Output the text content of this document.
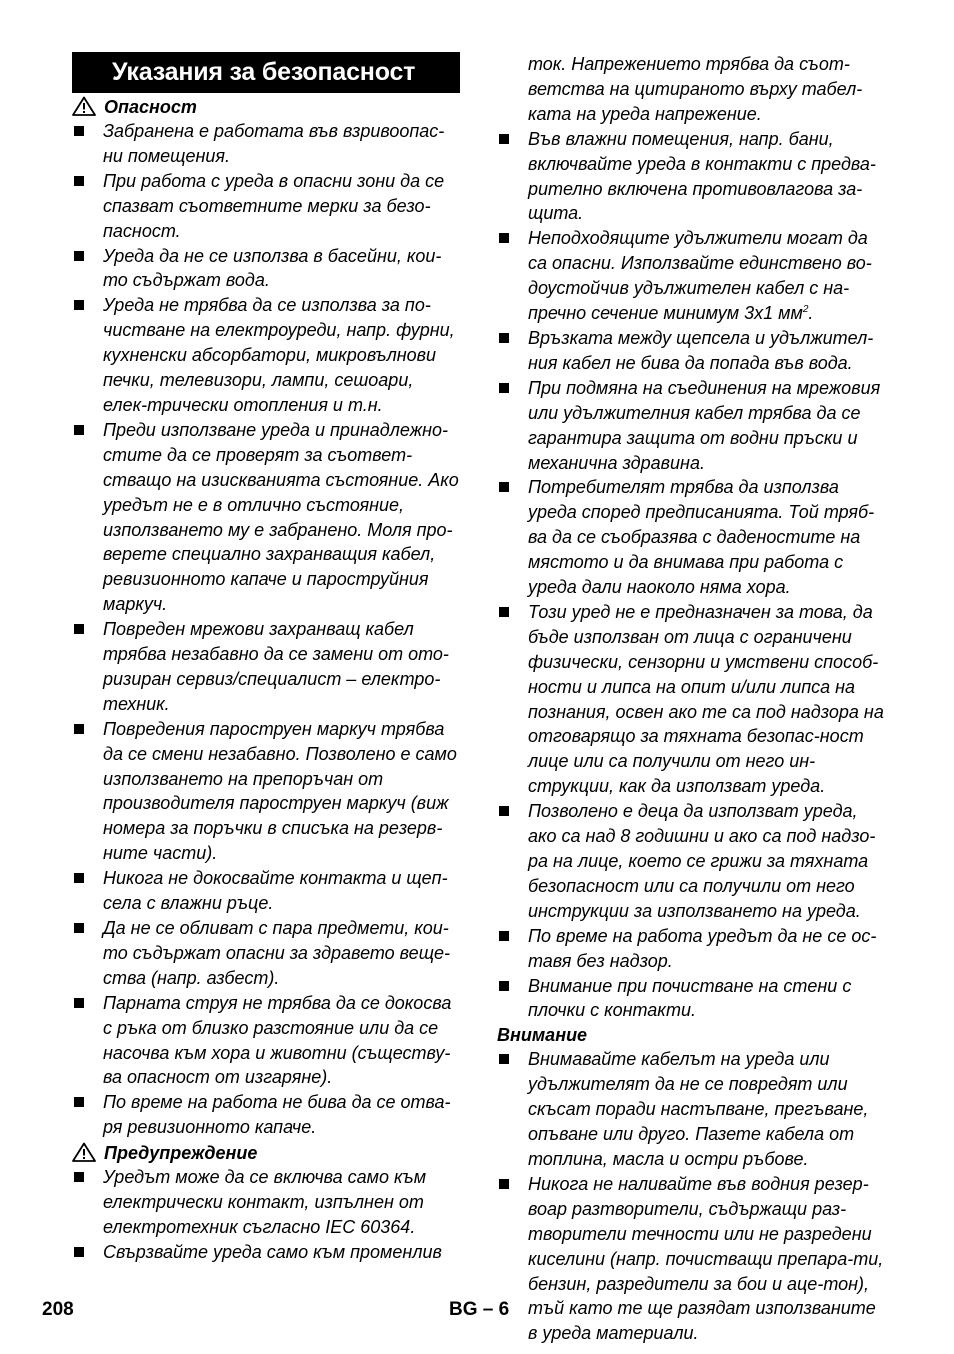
Указания за безопасност
Опасност
Забранена е работата във взривоопас-ни помещения.
При работа с уреда в опасни зони да се спазват съответните мерки за безо-пасност.
Уреда да не се използва в басейни, кои-то съдържат вода.
Уреда не трябва да се използва за по-чистване на електроуреди, напр. фурни, кухненски абсорбатори, микровълнови печки, телевизори, лампи, сешоари, елек-трически отопления и т.н.
Преди използване уреда и принадлежно-стите да се проверят за съответ-стващо на изискванията състояние. Ако уредът не е в отлично състояние, използването му е забранено. Моля про-верете специално захранващия кабел, ревизионното капаче и пароструйния маркуч.
Повреден мрежови захранващ кабел трябва незабавно да се замени от ото-ризиран сервиз/специалист – електро-техник.
Повредения пароструен маркуч трябва да се смени незабавно. Позволено е само използването на препоръчан от производителя пароструен маркуч (виж номера за поръчки в списъка на резерв-ните части).
Никога не докосвайте контакта и щеп-села с влажни ръце.
Да не се обливат с пара предмети, кои-то съдържат опасни за здравето веще-ства (напр. азбест).
Парната струя не трябва да се докосва с ръка от близко разстояние или да се насочва към хора и животни (съществу-ва опасност от изгаряне).
По време на работа не бива да се отва-ря ревизионното капаче.
Предупреждение
Уредът може да се включва само към електрически контакт, изпълнен от електротехник съгласно IEC 60364.
Свързвайте уреда само към променлив
ток. Напрежението трябва да съот-ветства на цитираното върху табел-ката на уреда напрежение.
Във влажни помещения, напр. бани, включвайте уреда в контакти с предва-рително включена противовлагова за-щита.
Неподходящите удължители могат да са опасни. Използвайте единствено во-доустойчив удължителен кабел с на-пречно сечение минимум 3х1 $мм^2$.
Връзката между щепсела и удължител-ния кабел не бива да попада във вода.
При подмяна на съединения на мрежовия или удължителния кабел трябва да се гарантира защита от водни пръски и механична здравина.
Потребителят трябва да използва уреда според предписанията. Той тряб-ва да се съобразява с даденостите на мястото и да внимава при работа с уреда дали наоколо няма хора.
Този уред не е предназначен за това, да бъде използван от лица с ограничени физически, сензорни и умствени способ-ности и липса на опит и/или липса на познания, освен ако те са под надзора на отговарящо за тяхната безопас-ност лице или са получили от него ин-струкции, как да използват уреда.
Позволено е деца да използват уреда, ако са над 8 годишни и ако са под надзо-ра на лице, което се грижи за тяхната безопасност или са получили от него инструкции за използването на уреда.
По време на работа уредът да не се ос-тавя без надзор.
Внимание при почистване на стени с плочки с контакти.
Внимание
Внимавайте кабелът на уреда или удължителят да не се повредят или скъсат поради настъпване, прегъване, опъване или друго. Пазете кабела от топлина, масла и остри ръбове.
Никога не наливайте във водния резер-воар разтворители, съдържащи раз-творители течности или не разредени киселини (напр. почистващи препара-ти, бензин, разредители за бои и аце-тон), тъй като те ще разядат използваните в уреда материали.
208	BG – 6
